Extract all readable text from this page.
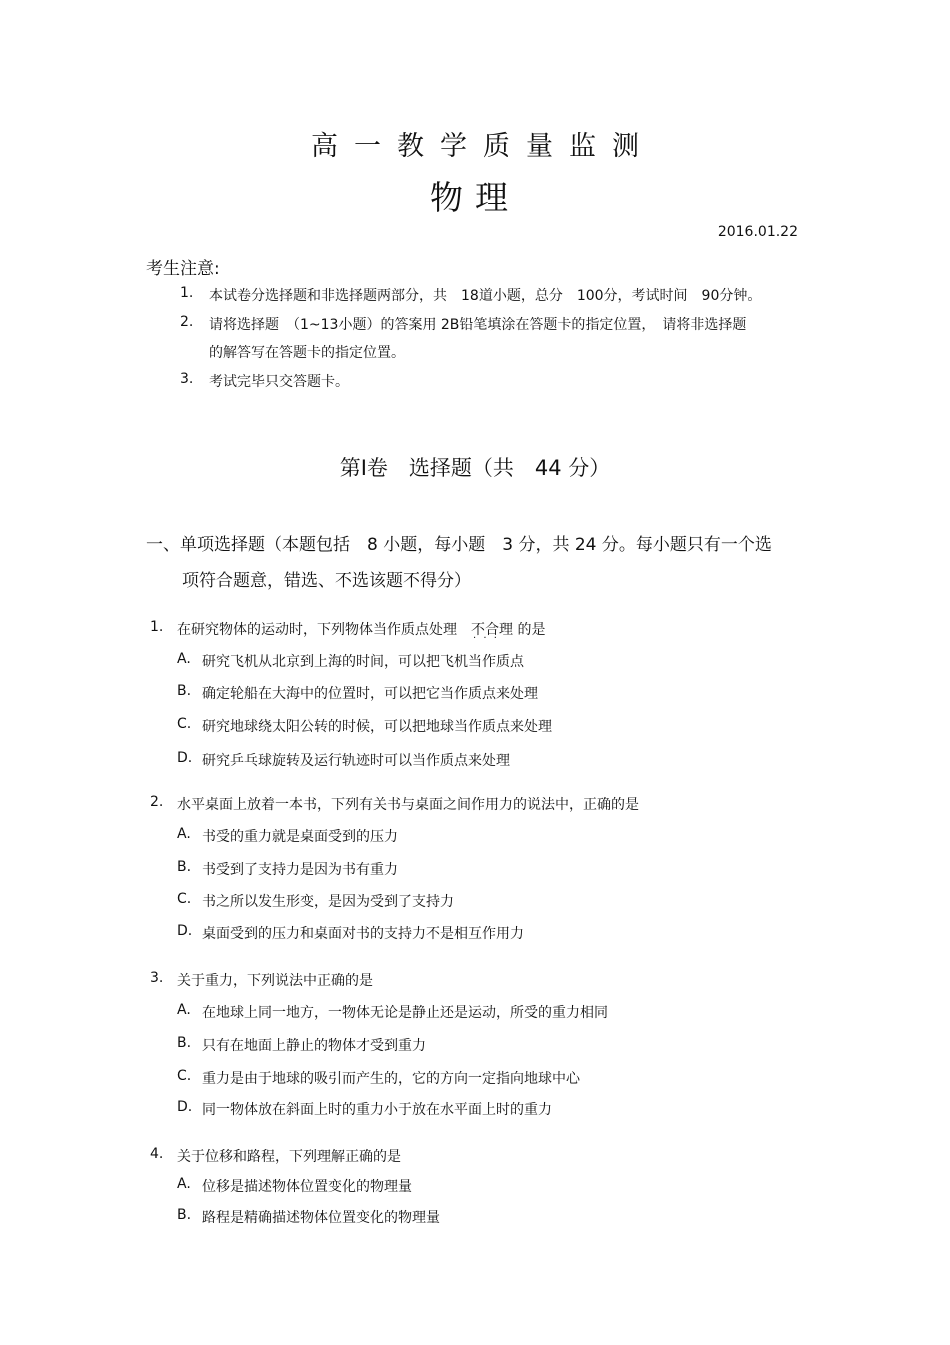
高一教学质量监测
物理
2016.01.22
考生注意:
1. 本试卷分选择题和非选择题两部分，共　18道小题，总分　100分，考试时间　90分钟。
2. 请将选择题　（1~13小题）的答案用 2B铅笔填涂在答题卡的指定位置，　请将非选择题
的解答写在答题卡的指定位置。
3. 考试完毕只交答题卡。
第Ⅰ卷　选择题（共　44 分）
一、单项选择题（本题包括　8 小题，每小题　3 分，共 24 分。每小题只有一个选
项符合题意，错选、不选该题不得分）
1. 在研究物体的运动时，下列物体当作质点处理　不合理 · · · 的是
A. 研究飞机从北京到上海的时间，可以把飞机当作质点
B. 确定轮船在大海中的位置时，可以把它当作质点来处理
C. 研究地球绕太阳公转的时候，可以把地球当作质点来处理
D. 研究乒乓球旋转及运行轨迹时可以当作质点来处理
2. 水平桌面上放着一本书，下列有关书与桌面之间作用力的说法中，正确的是
A. 书受的重力就是桌面受到的压力
B. 书受到了支持力是因为书有重力
C. 书之所以发生形变，是因为受到了支持力
D. 桌面受到的压力和桌面对书的支持力不是相互作用力
3. 关于重力，下列说法中正确的是
A. 在地球上同一地方，一物体无论是静止还是运动，所受的重力相同
B. 只有在地面上静止的物体才受到重力
C. 重力是由于地球的吸引而产生的，它的方向一定指向地球中心
D. 同一物体放在斜面上时的重力小于放在水平面上时的重力
4. 关于位移和路程，下列理解正确的是
A. 位移是描述物体位置变化的物理量
B. 路程是精确描述物体位置变化的物理量
